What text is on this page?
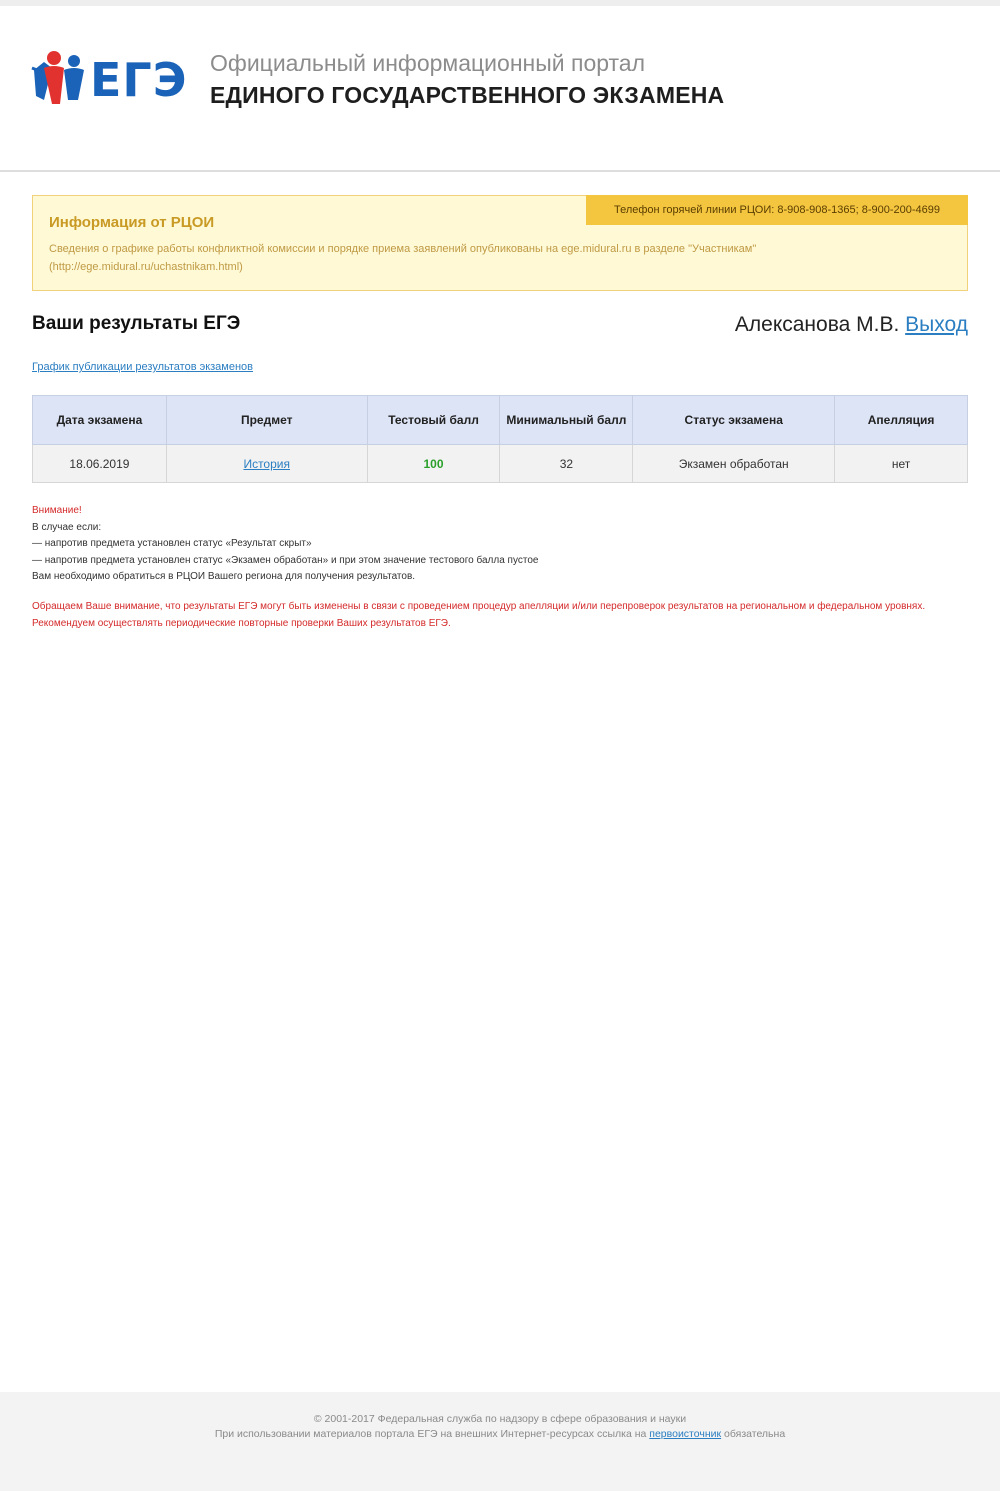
ЕГЭ Официальный информационный портал
ЕДИНОГО ГОСУДАРСТВЕННОГО ЭКЗАМЕНА
Телефон горячей линии РЦОИ: 8-908-908-1365; 8-900-200-4699
Информация от РЦОИ
Сведения о графике работы конфликтной комиссии и порядке приема заявлений опубликованы на ege.midural.ru в разделе "Участникам" (http://ege.midural.ru/uchastnikam.html)
Ваши результаты ЕГЭ	Алексанова М.В. Выход
График публикации результатов экзаменов
Дата экзамена	Предмет	Тестовый балл	Минимальный балл	Статус экзамена	Апелляция
18.06.2019	История	100	32	Экзамен обработан	нет
Внимание!
В случае если:
— напротив предмета установлен статус «Результат скрыт»
— напротив предмета установлен статус «Экзамен обработан» и при этом значение тестового балла пустое
Вам необходимо обратиться в РЦОИ Вашего региона для получения результатов.
Обращаем Ваше внимание, что результаты ЕГЭ могут быть изменены в связи с проведением процедур апелляции и/или перепроверок результатов на региональном и федеральном уровнях. Рекомендуем осуществлять периодические повторные проверки Ваших результатов ЕГЭ.
© 2001-2017 Федеральная служба по надзору в сфере образования и науки
При использовании материалов портала ЕГЭ на внешних Интернет-ресурсах ссылка на первоисточник обязательна
